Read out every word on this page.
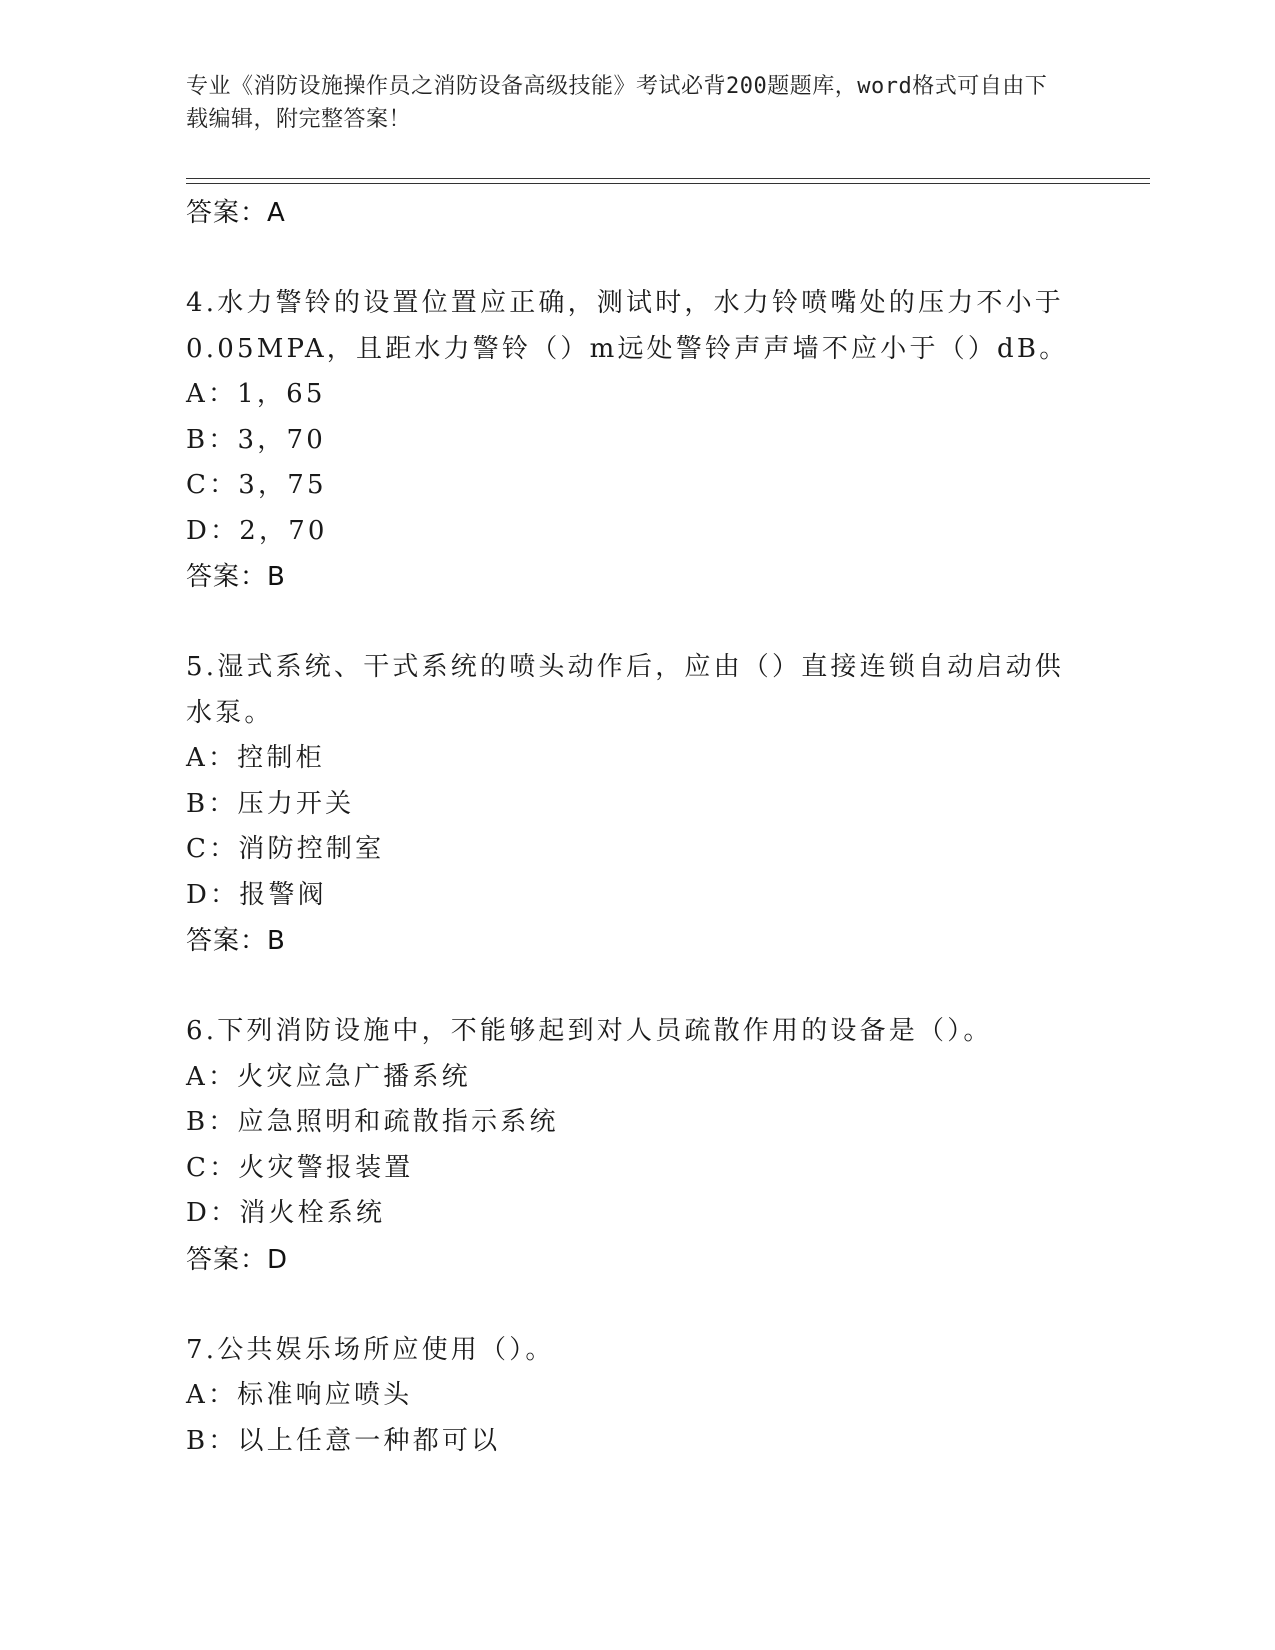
专业《消防设施操作员之消防设备高级技能》考试必背200题题库，word格式可自由下载编辑，附完整答案！
答案：A
4.水力警铃的设置位置应正确，测试时，水力铃喷嘴处的压力不小于0.05MPA，且距水力警铃（）m远处警铃声声墙不应小于（）dB。
A：1，65
B：3，70
C：3，75
D：2，70
答案：B
5.湿式系统、干式系统的喷头动作后，应由（）直接连锁自动启动供水泵。
A：控制柜
B：压力开关
C：消防控制室
D：报警阀
答案：B
6.下列消防设施中，不能够起到对人员疏散作用的设备是（）。
A：火灾应急广播系统
B：应急照明和疏散指示系统
C：火灾警报装置
D：消火栓系统
答案：D
7.公共娱乐场所应使用（）。
A：标准响应喷头
B：以上任意一种都可以
